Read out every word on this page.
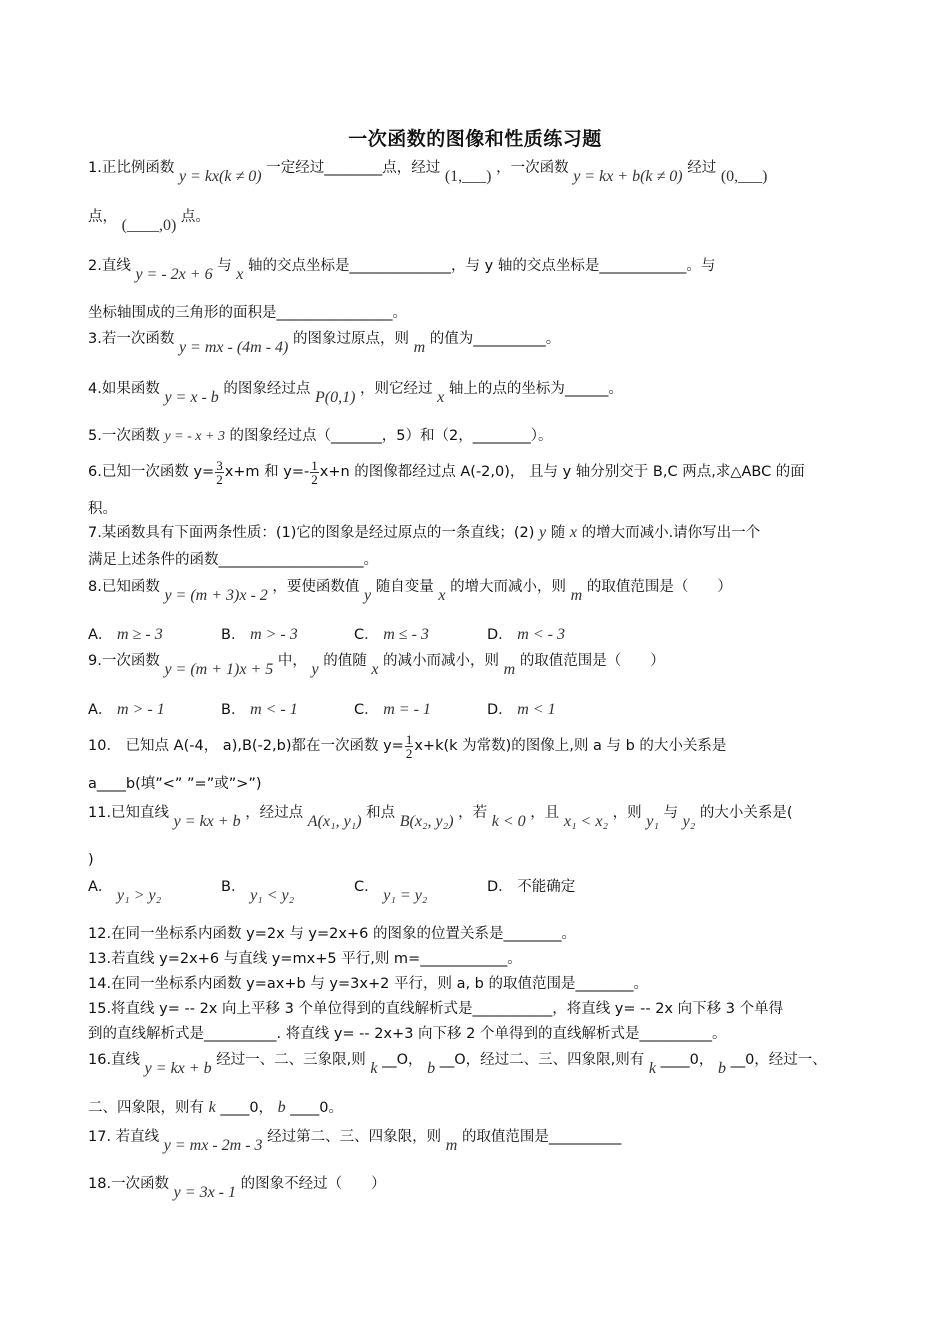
一次函数的图像和性质练习题
1.正比例函数 y = kx(k ≠ 0) 一定经过________点，经过 (1,___) ，一次函数 y = kx + b(k ≠ 0) 经过 (0,___)
点， (____,0) 点。
2.直线 y = - 2x + 6 与 x 轴的交点坐标是______________，与 y 轴的交点坐标是____________。与
坐标轴围成的三角形的面积是________________。
3.若一次函数 y = mx - (4m - 4) 的图象过原点，则 m 的值为__________。
4.如果函数 y = x - b 的图象经过点 P(0,1) ，则它经过 x 轴上的点的坐标为______。
5.一次函数 y = - x + 3 的图象经过点（_______，5）和（2，________）。
6.已知一次函数 $y= \frac{3}{2} x+m$ 和 $y=- \frac{1}{2} x+n$ 的图像都经过点 A(-2,0)， 且与 y 轴分别交于 B,C 两点,求△ABC 的面
积。
7.某函数具有下面两条性质：(1)它的图象是经过原点的一条直线；(2) y 随 x 的增大而减小.请你写出一个
满足上述条件的函数____________________。
8.已知函数 y = (m + 3)x - 2 ，要使函数值 y 随自变量 x 的增大而减小，则 m 的取值范围是（　　）
A． m ≥ - 3	B． m > - 3	C． m ≤ - 3	D． m < - 3
9.一次函数 y = (m + 1)x + 5 中， y 的值随 x 的减小而减小，则 m 的取值范围是（　　）
A． m > - 1	B． m < - 1	C． m = - 1	D． m < 1
10． 已知点 A(-4， a),B(-2,b)都在一次函数 $y= \frac{1}{2} x+k(k$ 为常数)的图像上,则 a 与 b 的大小关系是
a____b(填”<” ”=”或”>”)
11.已知直线 y = kx + b ，经过点 A(x₁, y₁) 和点 B(x₂, y₂) ，若 k < 0 ，且 x₁ < x₂ ，则 y₁ 与 y₂ 的大小关系是(
)
A． y₁ > y₂	B． y₁ < y₂	C． y₁ = y₂	D． 不能确定
12.在同一坐标系内函数 y=2x 与 y=2x+6 的图象的位置关系是________。
13.若直线 y=2x+6 与直线 y=mx+5 平行,则 m=____________。
14.在同一坐标系内函数 y=ax+b 与 y=3x+2 平行，则 a, b 的取值范围是________。
15.将直线 y= -- 2x 向上平移 3 个单位得到的直线解析式是___________，将直线 y= -- 2x 向下移 3 个单得
到的直线解析式是__________. 将直线 y= -- 2x+3 向下移 2 个单得到的直线解析式是__________。
16.直线 y = kx + b 经过一、二、三象限,则 k __O， b __O，经过二、三、四象限,则有 k ____0， b __0，经过一、
二、四象限，则有 k ____0， b ____0。
17. 若直线 y = mx - 2m - 3 经过第二、三、四象限，则 m 的取值范围是__________
18.一次函数 y = 3x - 1 的图象不经过（　　）
